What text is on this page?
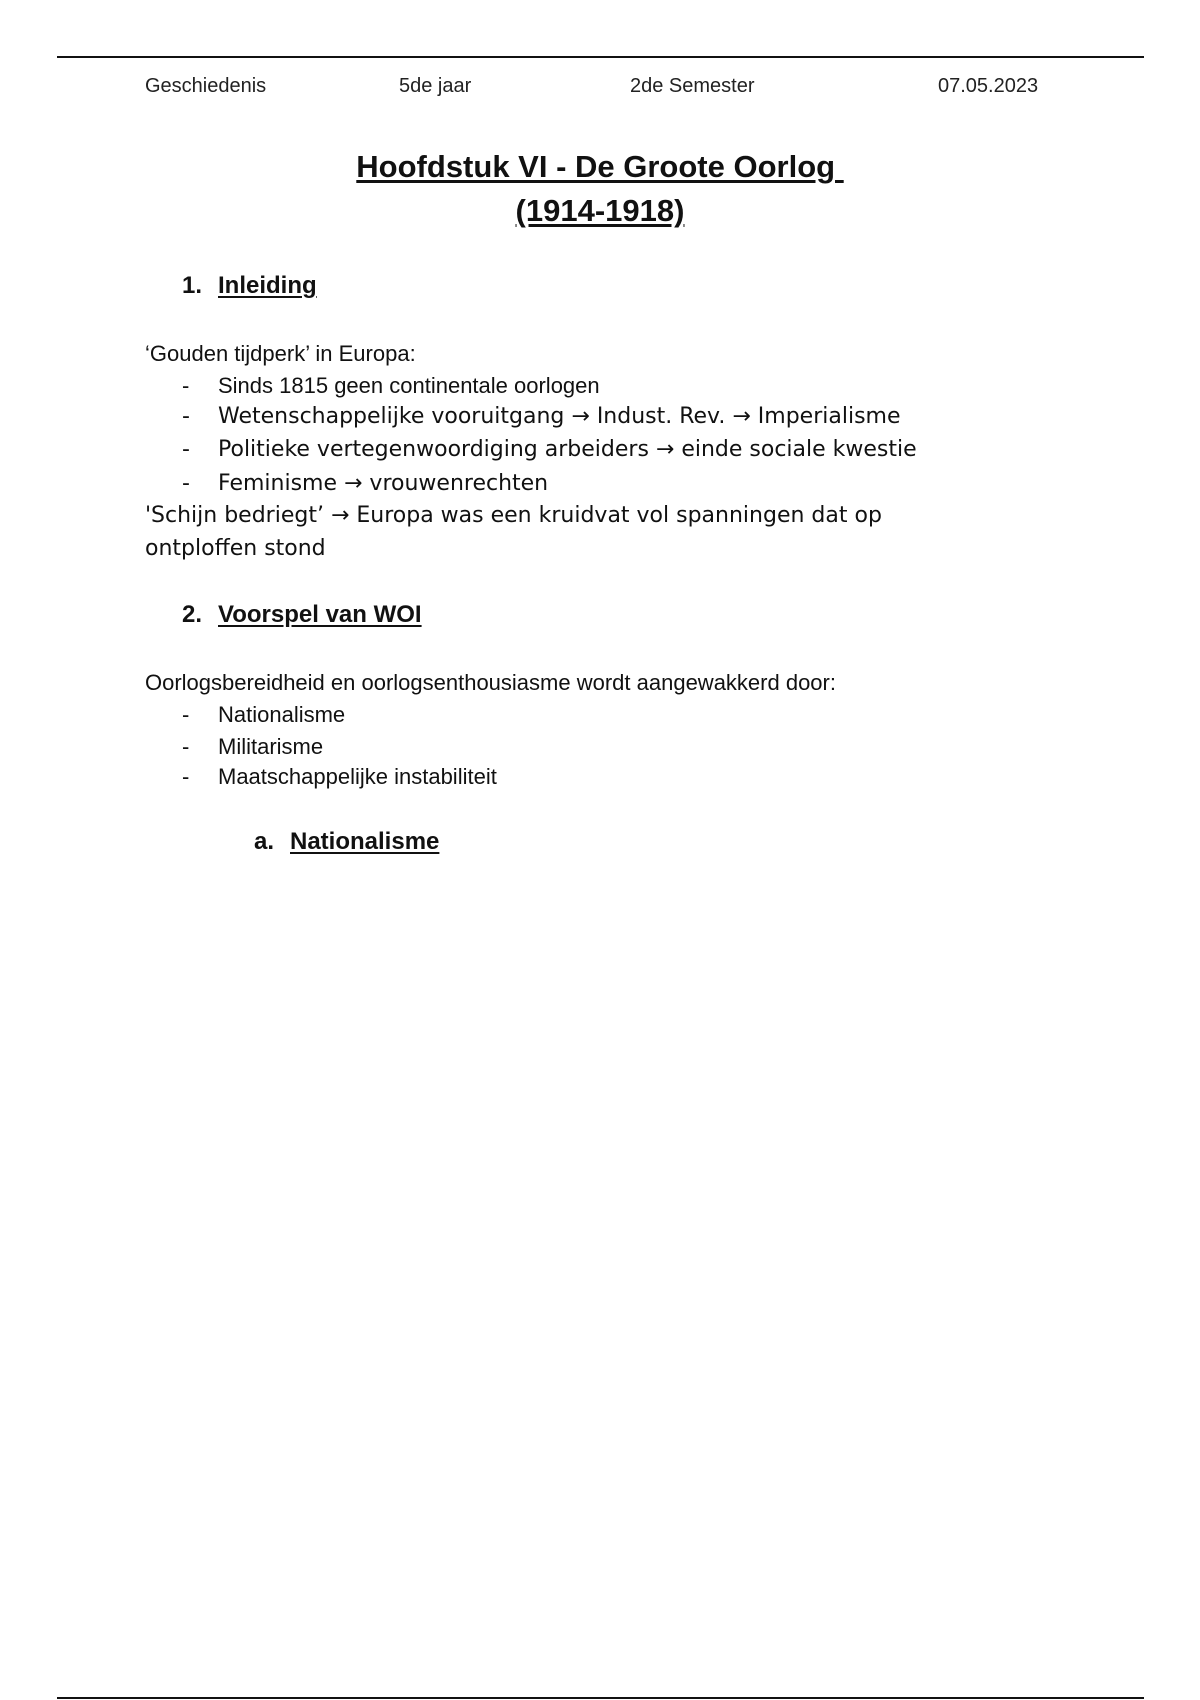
Geschiedenis	5de jaar	2de Semester	07.05.2023
Hoofdstuk VI - De Groote Oorlog
(1914-1918)
1. Inleiding
‘Gouden tijdperk’ in Europa:
- Sinds 1815 geen continentale oorlogen
- Wetenschappelijke vooruitgang → Indust. Rev. → Imperialisme
- Politieke vertegenwoordiging arbeiders → einde sociale kwestie
- Feminisme → vrouwenrechten
'Schijn bedriegt’ → Europa was een kruidvat vol spanningen dat op
ontploffen stond
2. Voorspel van WOI
Oorlogsbereidheid en oorlogsenthousiasme wordt aangewakkerd door:
- Nationalisme
- Militarisme
- Maatschappelijke instabiliteit
a. Nationalisme
